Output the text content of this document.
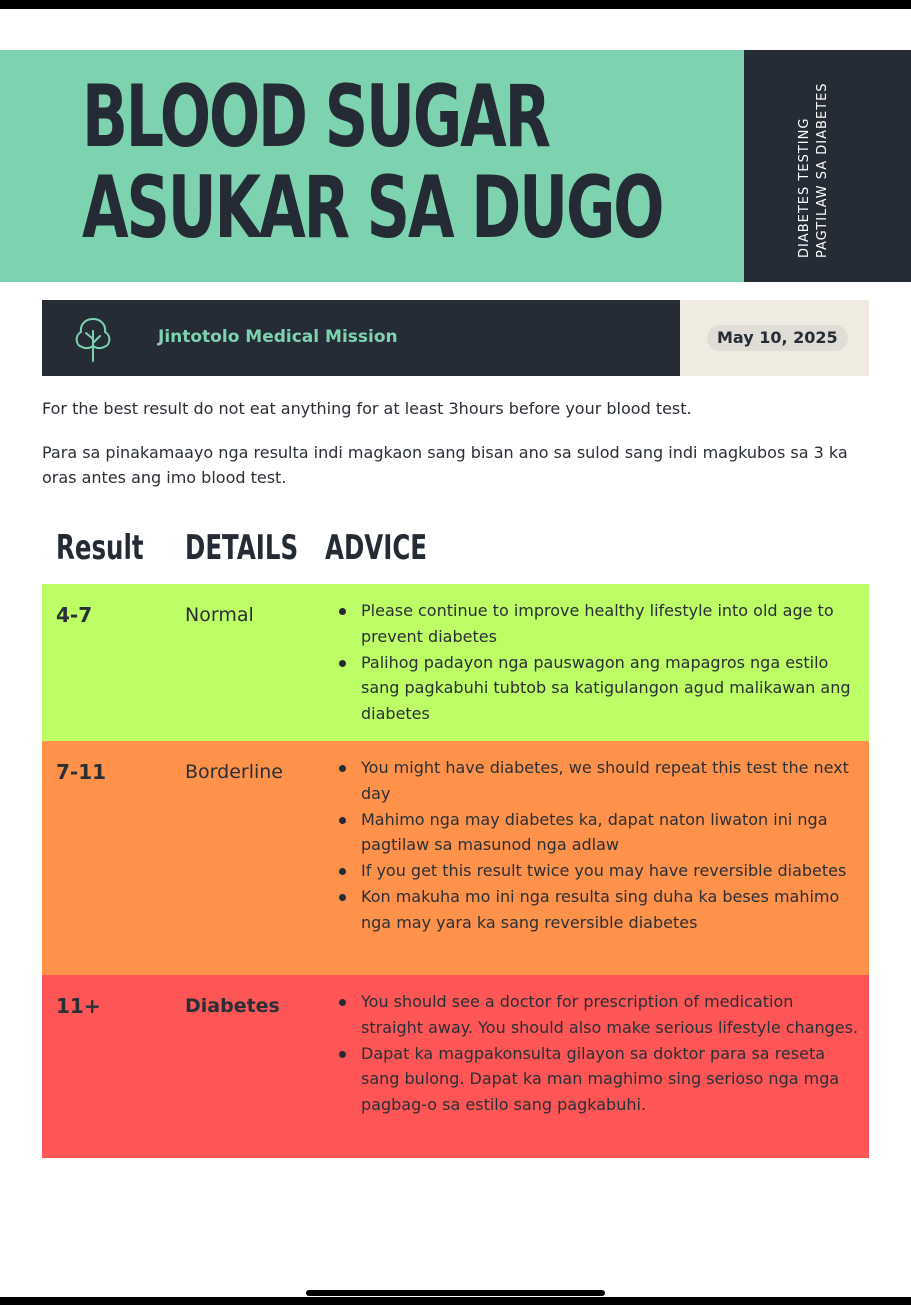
BLOOD SUGAR
ASUKAR SA DUGO	DIABETES TESTING PAGTILAW SA DIABETES
Jintotolo Medical Mission	May 10, 2025

For the best result do not eat anything for at least 3hours before your blood test.

Para sa pinakamaayo nga resulta indi magkaon sang bisan ano sa sulod sang indi magkubos sa 3 ka oras antes ang imo blood test.

Result DETAILS ADVICE
4-7	Normal	Please continue to improve healthy lifestyle into old age to prevent diabetes
Palihog padayon nga pauswagon ang mapagros nga estilo sang pagkabuhi tubtob sa katigulangon agud malikawan ang diabetes
7-11	Borderline	You might have diabetes, we should repeat this test the next day
Mahimo nga may diabetes ka, dapat naton liwaton ini nga pagtilaw sa masunod nga adlaw
If you get this result twice you may have reversible diabetes
Kon makuha mo ini nga resulta sing duha ka beses mahimo nga may yara ka sang reversible diabetes
11+	Diabetes	You should see a doctor for prescription of medication straight away. You should also make serious lifestyle changes.
Dapat ka magpakonsulta gilayon sa doktor para sa reseta sang bulong. Dapat ka man maghimo sing serioso nga mga pagbag-o sa estilo sang pagkabuhi.
